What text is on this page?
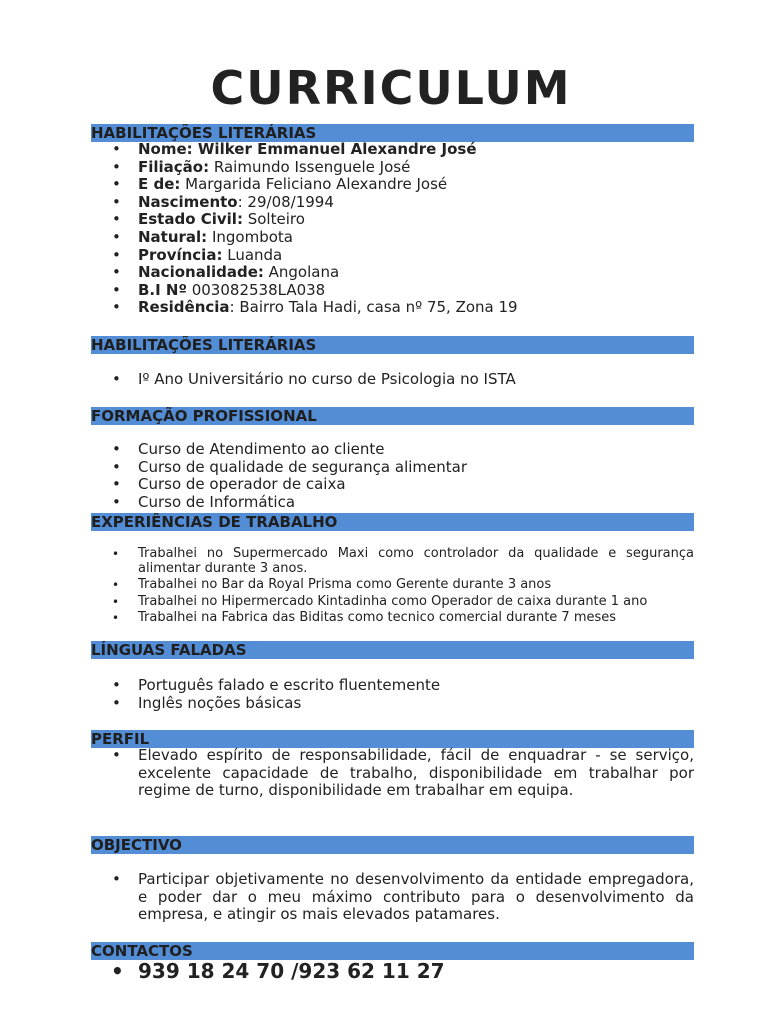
CURRICULUM
HABILITAÇÕES LITERÁRIAS
• Nome: Wilker Emmanuel Alexandre José
• Filiação: Raimundo Issenguele José
• E de: Margarida Feliciano Alexandre José
• Nascimento: 29/08/1994
• Estado Civil: Solteiro
• Natural: Ingombota
• Província: Luanda
• Nacionalidade: Angolana
• B.I Nº 003082538LA038
• Residência: Bairro Tala Hadi, casa nº 75, Zona 19
HABILITAÇÕES LITERÁRIAS
• Iº Ano Universitário no curso de Psicologia no ISTA
FORMAÇÃO PROFISSIONAL
• Curso de Atendimento ao cliente
• Curso de qualidade de segurança alimentar
• Curso de operador de caixa
• Curso de Informática
EXPERIÊNCIAS DE TRABALHO
• Trabalhei no Supermercado Maxi como controlador da qualidade e segurança alimentar durante 3 anos.
• Trabalhei no Bar da Royal Prisma como Gerente durante 3 anos
• Trabalhei no Hipermercado Kintadinha como Operador de caixa durante 1 ano
• Trabalhei na Fabrica das Biditas como tecnico comercial durante 7 meses
LÍNGUAS FALADAS
• Português falado e escrito fluentemente
• Inglês noções básicas
PERFIL
• Elevado espírito de responsabilidade, fácil de enquadrar - se serviço, excelente capacidade de trabalho, disponibilidade em trabalhar por regime de turno, disponibilidade em trabalhar em equipa.
OBJECTIVO
• Participar objetivamente no desenvolvimento da entidade empregadora, e poder dar o meu máximo contributo para o desenvolvimento da empresa, e atingir os mais elevados patamares.
CONTACTOS
• 939 18 24 70 /923 62 11 27
